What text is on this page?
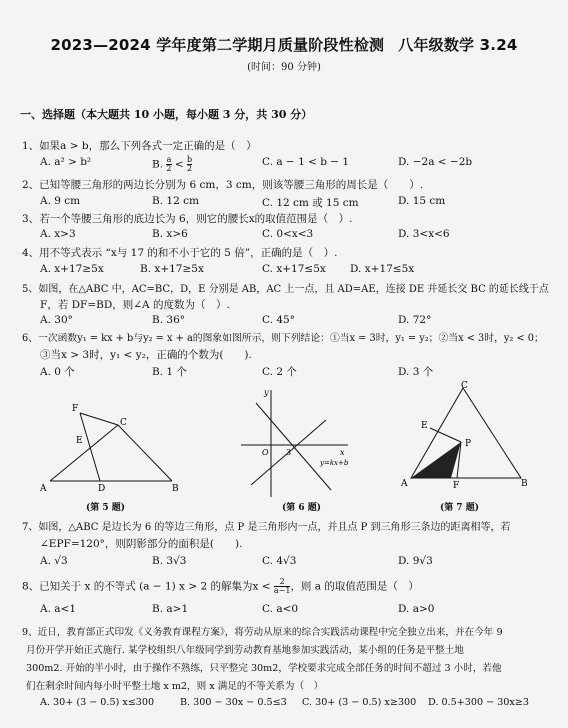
2023—2024 学年度第二学期月质量阶段性检测 八年级数学 3.24
(时间：90 分钟)
一、选择题（本大题共 10 小题，每小题 3 分，共 30 分）
1、如果a > b，那么下列各式一定正确的是（　）
A. a² > b²	B. $\frac{a}{2} < \frac{b}{2}$	C. a − 1 < b − 1	D. −2a < −2b
2、已知等腰三角形的两边长分别为 6 cm，3 cm，则该等腰三角形的周长是（　　）.
A. 9 cm	B. 12 cm	C. 12 cm 或 15 cm	D. 15 cm
3、若一个等腰三角形的底边长为 6，则它的腰长x的取值范围是（　）.
A. x>3	B. x>6	C. 0<x<3	D. 3<x<6
4、用不等式表示 “x与 17 的和不小于它的 5 倍”，正确的是（　）.
A. x+17≥5x	B. x+17≥5x	C. x+17≤5x D. x+17≤5x
5、如图，在△ABC 中，AC=BC，D，E 分别是 AB，AC 上一点，且 AD=AE，连接 DE 并延长交 BC 的延长线于点
F，若 DF=BD，则∠A 的度数为（　）.
A. 30°	B. 36°	C. 45°	D. 72°
6、一次函数y₁ = kx + b与y₂ = x + a的图象如图所示，则下列结论：①当x = 3时，y₁ = y₂；②当x < 3时，y₂ < 0；
③当x > 3时，y₁ < y₂，正确的个数为(　　).
A. 0 个	B. 1 个	C. 2 个	D. 3 个
F
C
E
A	D	B
(第 5 题)
y
O 3	x
y=kx+b
(第 6 题)
C
E
P
A	F	B
(第 7 题)
7、如图，△ABC 是边长为 6 的等边三角形，点 P 是三角形内一点，并且点 P 到三角形三条边的距离相等，若
∠EPF=120°，则阴影部分的面积是(　　).
A. √3	B. 3√3	C. 4√3	D. 9√3
8、已知关于 x 的不等式 (a − 1) x > 2 的解集为$x < \frac{2}{a-1}$ ，则 a 的取值范围是（　）
A. a<1	B. a>1	C. a<0	D. a>0
9、近日，教育部正式印发《义务教育课程方案》，将劳动从原来的综合实践活动课程中完全独立出来，并在今年 9
月份开学开始正式施行. 某学校组织八年级同学到劳动教育基地参加实践活动，某小组的任务是平整土地
300m2. 开始的半小时，由于操作不熟练，只平整完 30m2，学校要求完成全部任务的时间不超过 3 小时，若他
们在剩余时间内每小时平整土地 x m2，则 x 满足的不等关系为（　）
A. 30+ (3 − 0.5) x≤300	B. 300 − 30x − 0.5≤3 C. 30+ (3 − 0.5) x≥300 D. 0.5+300 − 30x≥3
